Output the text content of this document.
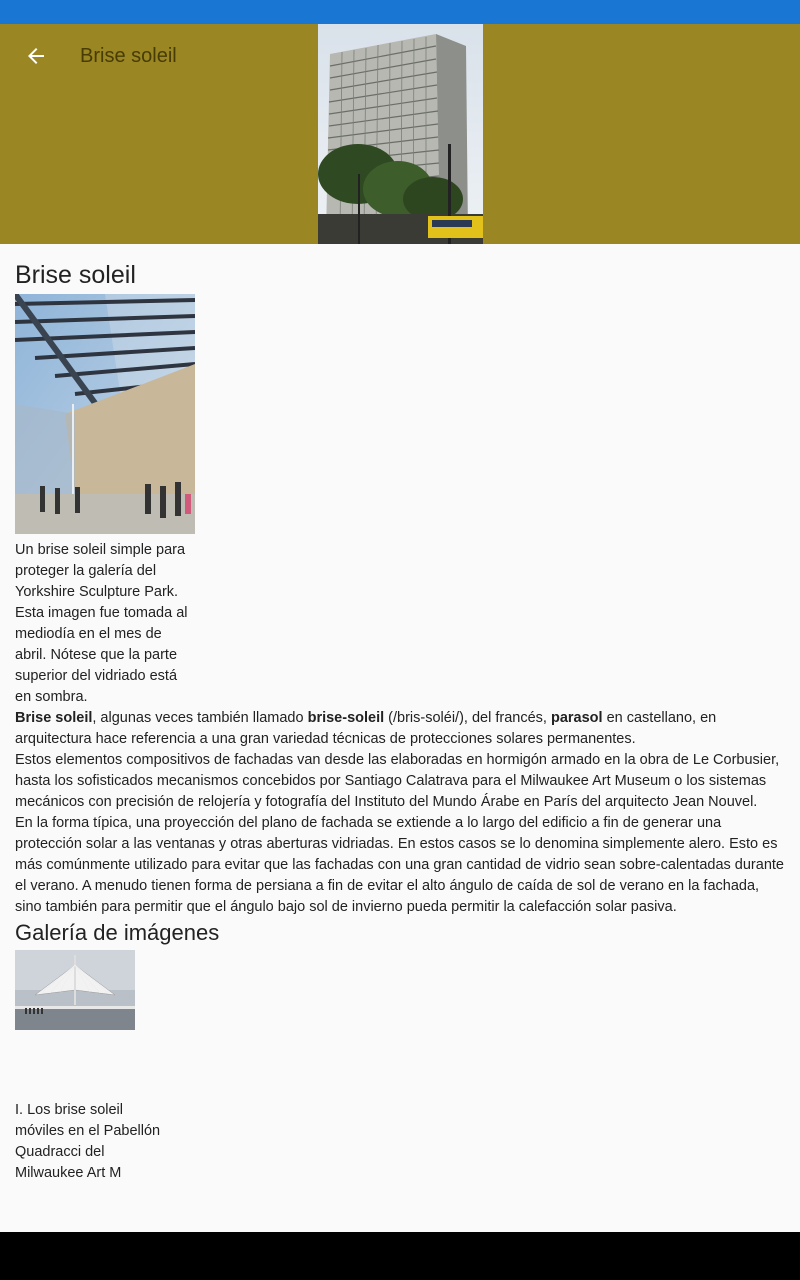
Brise soleil
Brise soleil

Un brise soleil simple para proteger la galería del Yorkshire Sculpture Park. Esta imagen fue tomada al mediodía en el mes de abril. Nótese que la parte superior del vidriado está en sombra.

Brise soleil, algunas veces también llamado brise-soleil (/bris-soléi/), del francés, parasol en castellano, en arquitectura hace referencia a una gran variedad técnicas de protecciones solares permanentes.

Estos elementos compositivos de fachadas van desde las elaboradas en hormigón armado en la obra de Le Corbusier, hasta los sofisticados mecanismos concebidos por Santiago Calatrava para el Milwaukee Art Museum o los sistemas mecánicos con precisión de relojería y fotografía del Instituto del Mundo Árabe en París del arquitecto Jean Nouvel.

En la forma típica, una proyección del plano de fachada se extiende a lo largo del edificio a fin de generar una protección solar a las ventanas y otras aberturas vidriadas. En estos casos se lo denomina simplemente alero. Esto es más comúnmente utilizado para evitar que las fachadas con una gran cantidad de vidrio sean sobre-calentadas durante el verano. A menudo tienen forma de persiana a fin de evitar el alto ángulo de caída de sol de verano en la fachada, sino también para permitir que el ángulo bajo sol de invierno pueda permitir la calefacción solar pasiva.

Galería de imágenes

I. Los brise soleil móviles en el Pabellón Quadracci del Milwaukee Art M
